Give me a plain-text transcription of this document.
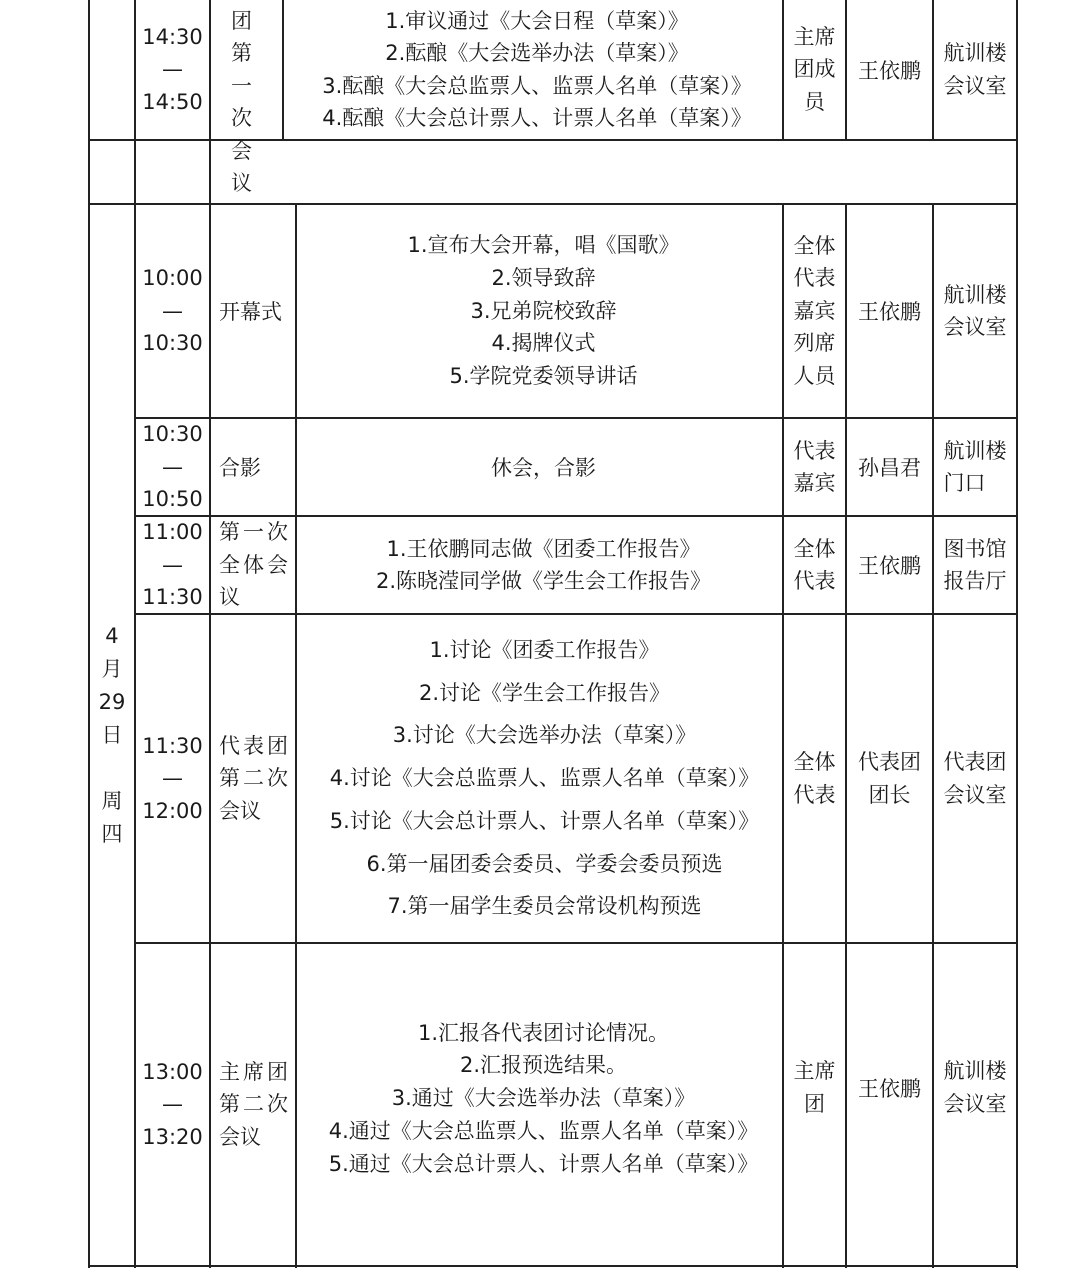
14:30
—
14:50
团 第
一 次
会 议
1.审议通过《大会日程（草案）》
2.酝酿《大会选举办法（草案）》
3.酝酿《大会总监票人、监票人名单（草案）》
4.酝酿《大会总计票人、计票人名单（草案）》
主席
团成
员
王依鹏
航训楼
会议室
4
月
29
日
周
四
10:00
—
10:30
开幕式
1.宣布大会开幕，唱《国歌》
2.领导致辞
3.兄弟院校致辞
4.揭牌仪式
5.学院党委领导讲话
全体
代表
嘉宾
列席
人员
王依鹏
航训楼
会议室
10:30
—
10:50
合影	休会，合影
代表
嘉宾
孙昌君
航训楼
门口
11:00
—
11:30
第一次
全体会
议
1.王依鹏同志做《团委工作报告》
2.陈晓滢同学做《学生会工作报告》
全体
代表
王依鹏
图书馆
报告厅
11:30
—
12:00
代表团
第二次
会议
1.讨论《团委工作报告》
2.讨论《学生会工作报告》
3.讨论《大会选举办法（草案）》
4.讨论《大会总监票人、监票人名单（草案）》
5.讨论《大会总计票人、计票人名单（草案）》
6.第一届团委会委员、学委会委员预选
7.第一届学生委员会常设机构预选
全体
代表
代表团
团长
代表团
会议室
13:00
—
13:20
主席团
第二次
会议
1.汇报各代表团讨论情况。
2.汇报预选结果。
3.通过《大会选举办法（草案）》
4.通过《大会总监票人、监票人名单（草案）》
5.通过《大会总计票人、计票人名单（草案）》
主席
团
王依鹏
航训楼
会议室
